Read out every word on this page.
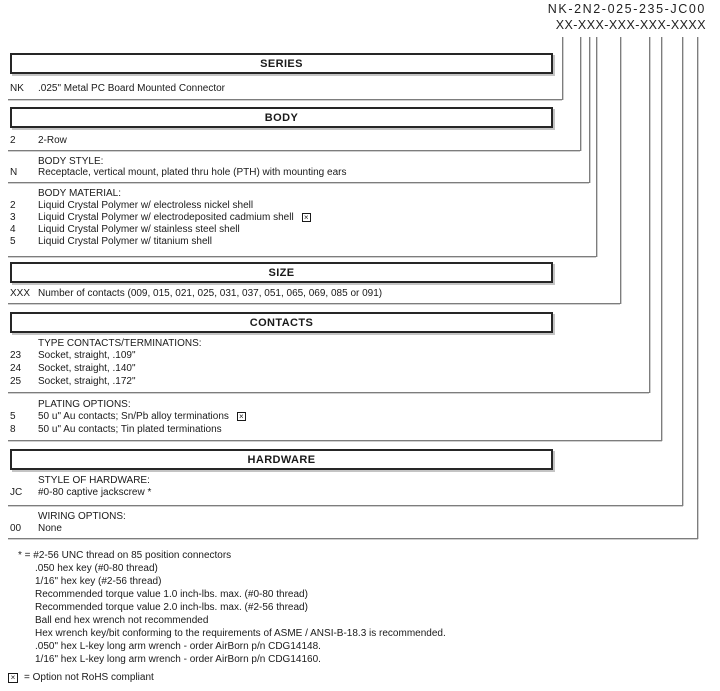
NK-2N2-025-235-JC00
XX-XXX-XXX-XXX-XXXX
SERIES
NK	.025" Metal PC Board Mounted Connector
BODY
2	2-Row
BODY STYLE:
N	Receptacle, vertical mount, plated thru hole (PTH) with mounting ears
BODY MATERIAL:
2	Liquid Crystal Polymer w/ electroless nickel shell
3	Liquid Crystal Polymer w/ electrodeposited cadmium shell ×
4	Liquid Crystal Polymer w/ stainless steel shell
5	Liquid Crystal Polymer w/ titanium shell
SIZE
XXX Number of contacts (009, 015, 021, 025, 031, 037, 051, 065, 069, 085 or 091)
CONTACTS
TYPE CONTACTS/TERMINATIONS:
23	Socket, straight, .109"
24	Socket, straight, .140"
25	Socket, straight, .172"
PLATING OPTIONS:
5	50 u" Au contacts; Sn/Pb alloy terminations ×
8	50 u" Au contacts; Tin plated terminations
HARDWARE
STYLE OF HARDWARE:
JC	#0-80 captive jackscrew *
WIRING OPTIONS:
00	None
* = #2-56 UNC thread on 85 position connectors
.050 hex key (#0-80 thread)
1/16" hex key (#2-56 thread)
Recommended torque value 1.0 inch-lbs. max. (#0-80 thread)
Recommended torque value 2.0 inch-lbs. max. (#2-56 thread)
Ball end hex wrench not recommended
Hex wrench key/bit conforming to the requirements of ASME / ANSI-B-18.3 is recommended.
.050" hex L-key long arm wrench - order AirBorn p/n CDG14148.
1/16" hex L-key long arm wrench - order AirBorn p/n CDG14160.
× = Option not RoHS compliant
